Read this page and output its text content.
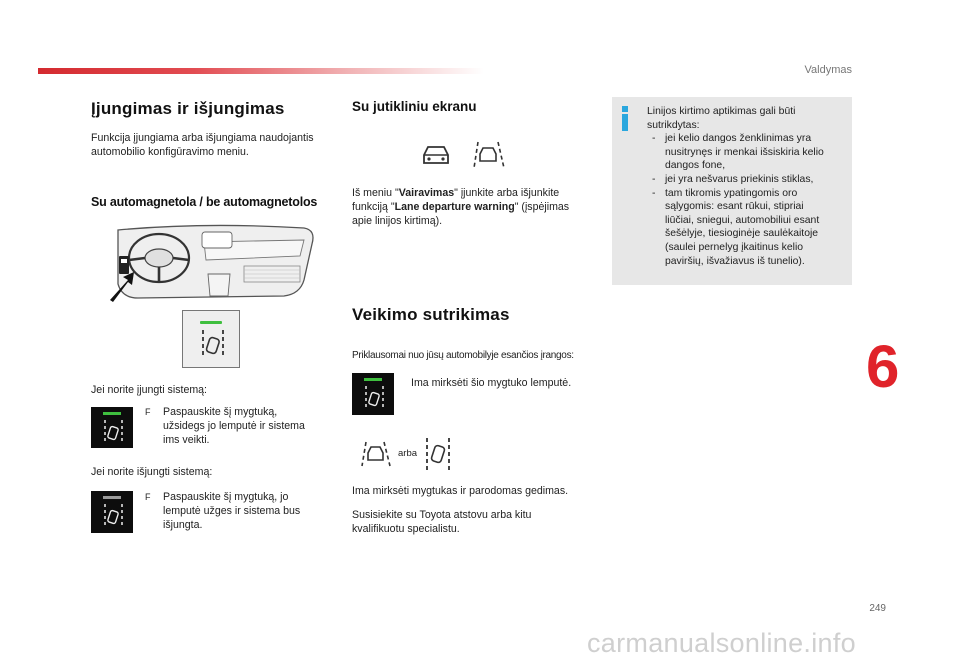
Valdymas
Įjungimas ir išjungimas
Funkcija įjungiama arba išjungiama naudojantis
automobilio konfigūravimo meniu.
Su automagnetola / be automagnetolos
Jei norite įjungti sistemą:
F	Paspauskite šį mygtuką,
užsidegs jo lemputė ir sistema
ims veikti.
Jei norite išjungti sistemą:
F	Paspauskite šį mygtuką, jo
lemputė užges ir sistema bus
išjungta.
Su jutikliniu ekranu
Iš meniu "Vairavimas" įjunkite arba išjunkite
funkciją "Lane departure warning" (įspėjimas
apie linijos kirtimą).
Veikimo sutrikimas
Priklausomai nuo jūsų automobilyje esančios įrangos:
Ima mirksėti šio mygtuko lemputė.
arba
Ima mirksėti mygtukas ir parodomas gedimas.
Susisiekite su Toyota atstovu arba kitu
kvalifikuotu specialistu.
Linijos kirtimo aptikimas gali būti
sutrikdytas:
- jei kelio dangos ženklinimas yra
nusitrynęs ir menkai išsiskiria kelio
dangos fone,
- jei yra nešvarus priekinis stiklas,
- tam tikromis ypatingomis oro
sąlygomis: esant rūkui, stipriai
liūčiai, sniegui, automobiliui esant
šešėlyje, tiesioginėje saulėkaitoje
(saulei pernelyg įkaitinus kelio
paviršių, išvažiavus iš tunelio).
6
249
carmanualsonline.info
